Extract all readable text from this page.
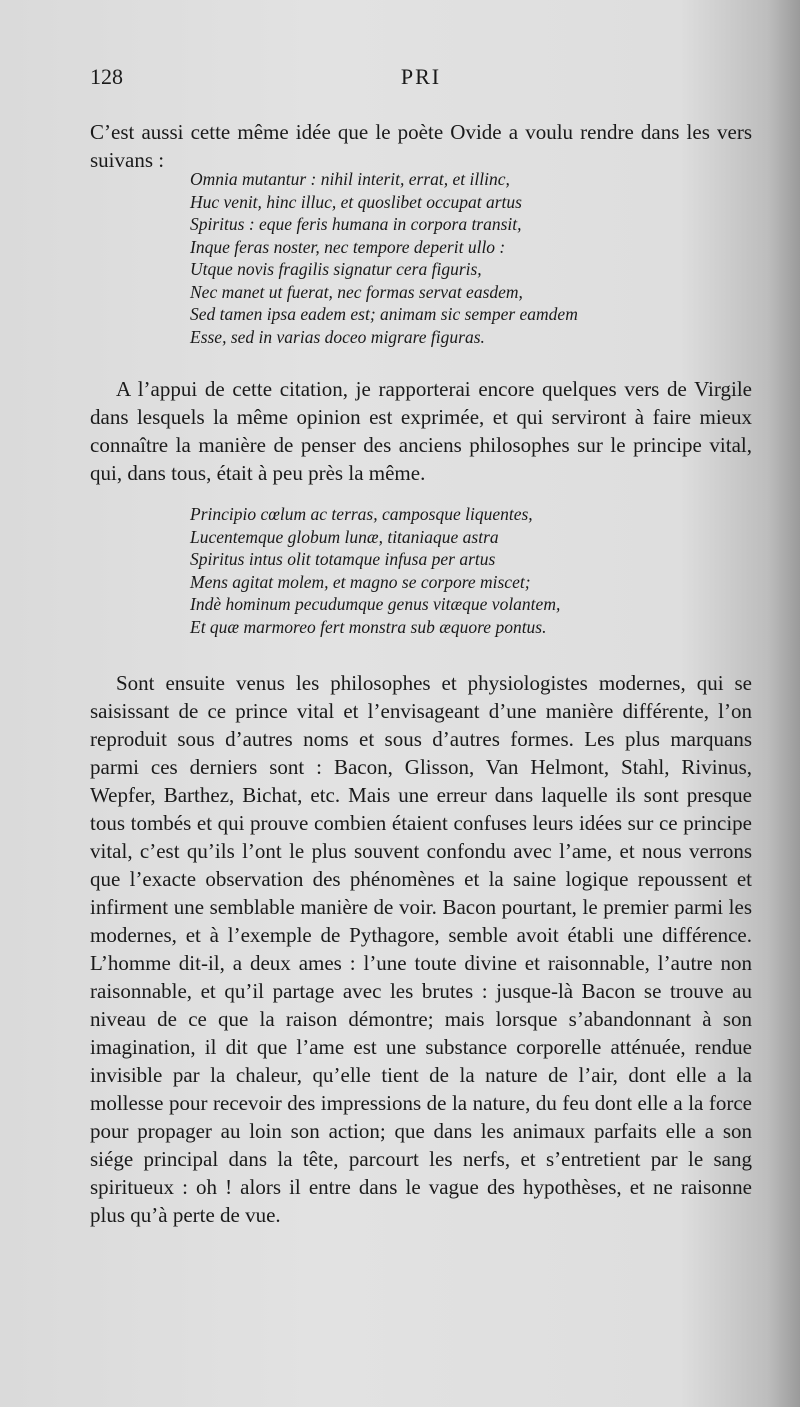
128	PRI

C’est aussi cette même idée que le poète Ovide a voulu rendre dans les vers suivans :

Omnia mutantur : nihil interit, errat, et illinc,
Huc venit, hinc illuc, et quoslibet occupat artus
Spiritus : eque feris humana in corpora transit,
Inque feras noster, nec tempore deperit ullo :
Utque novis fragilis signatur cera figuris,
Nec manet ut fuerat, nec formas servat easdem,
Sed tamen ipsa eadem est; animam sic semper eamdem
Esse, sed in varias doceo migrare figuras.

A l’appui de cette citation, je rapporterai encore quelques vers de Virgile dans lesquels la même opinion est exprimée, et qui serviront à faire mieux connaître la manière de penser des anciens philosophes sur le principe vital, qui, dans tous, était à peu près la même.

Principio cœlum ac terras, camposque liquentes,
Lucentemque globum lunæ, titaniaque astra
Spiritus intus olit totamque infusa per artus
Mens agitat molem, et magno se corpore miscet;
Indè hominum pecudumque genus vitæque volantem,
Et quæ marmoreo fert monstra sub æquore pontus.

Sont ensuite venus les philosophes et physiologistes modernes, qui se saisissant de ce prince vital et l’envisageant d’une manière différente, l’on reproduit sous d’autres noms et sous d’autres formes. Les plus marquans parmi ces derniers sont : Bacon, Glisson, Van Helmont, Stahl, Rivinus, Wepfer, Barthez, Bichat, etc. Mais une erreur dans laquelle ils sont presque tous tombés et qui prouve combien étaient confuses leurs idées sur ce principe vital, c’est qu’ils l’ont le plus souvent confondu avec l’ame, et nous verrons que l’exacte observation des phénomènes et la saine logique repoussent et infirment une semblable manière de voir. Bacon pourtant, le premier parmi les modernes, et à l’exemple de Pythagore, semble avoit établi une différence. L’homme dit-il, a deux ames : l’une toute divine et raisonnable, l’autre non raisonnable, et qu’il partage avec les brutes : jusque-là Bacon se trouve au niveau de ce que la raison démontre; mais lorsque s’abandonnant à son imagination, il dit que l’ame est une substance corporelle atténuée, rendue invisible par la chaleur, qu’elle tient de la nature de l’air, dont elle a la mollesse pour recevoir des impressions de la nature, du feu dont elle a la force pour propager au loin son action; que dans les animaux parfaits elle a son siége principal dans la tête, parcourt les nerfs, et s’entretient par le sang spiritueux : oh ! alors il entre dans le vague des hypothèses, et ne raisonne plus qu’à perte de vue.
